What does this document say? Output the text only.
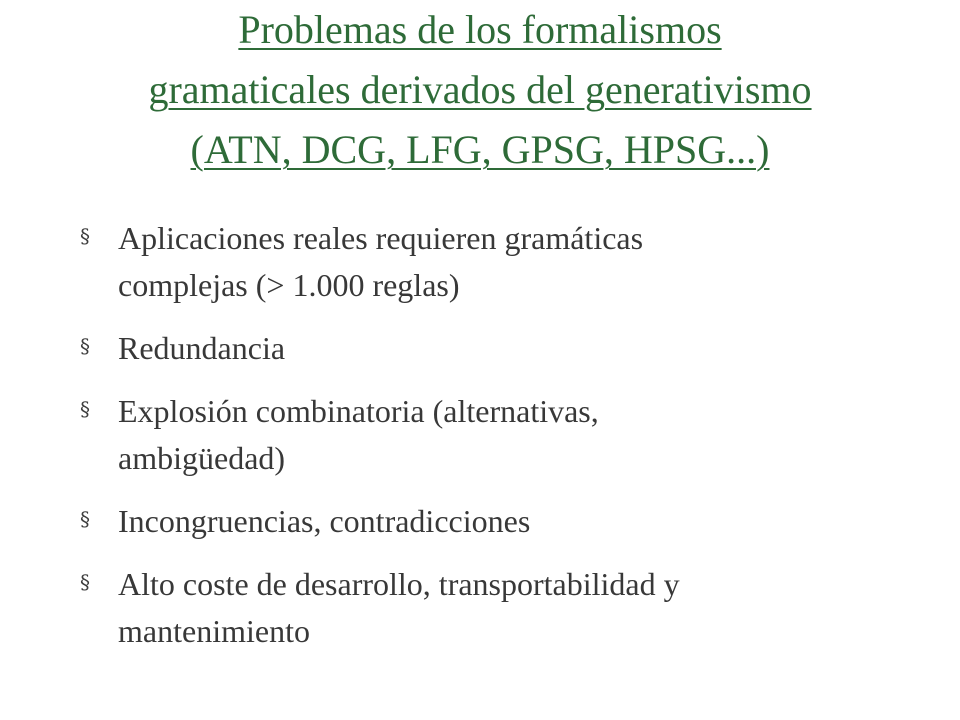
Problemas de los formalismos
gramaticales derivados del generativismo
(ATN, DCG, LFG, GPSG, HPSG...)
§ Aplicaciones reales requieren gramáticas
complejas (> 1.000 reglas)
§ Redundancia
§ Explosión combinatoria (alternativas,
ambigüedad)
§ Incongruencias, contradicciones
§ Alto coste de desarrollo, transportabilidad y
mantenimiento
